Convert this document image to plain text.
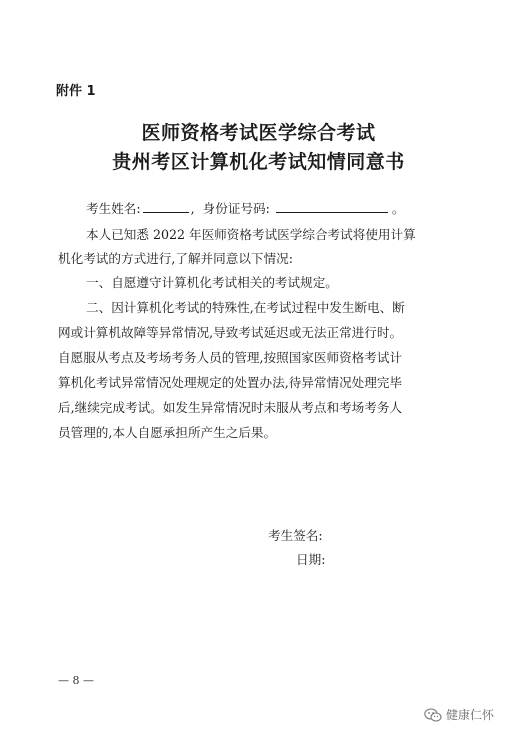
附件 1
医师资格考试医学综合考试
贵州考区计算机化考试知情同意书
考生姓名:	, 身份证号码:	。
本人已知悉 2022 年医师资格考试医学综合考试将使用计算
机化考试的方式进行,了解并同意以下情况:
一、自愿遵守计算机化考试相关的考试规定。
二、因计算机化考试的特殊性,在考试过程中发生断电、断
网或计算机故障等异常情况,导致考试延迟或无法正常进行时。
自愿服从考点及考场考务人员的管理,按照国家医师资格考试计
算机化考试异常情况处理规定的处置办法,待异常情况处理完毕
后,继续完成考试。如发生异常情况时未服从考点和考场考务人
员管理的,本人自愿承担所产生之后果。
考生签名:
日期:
— 8 —
健康仁怀
